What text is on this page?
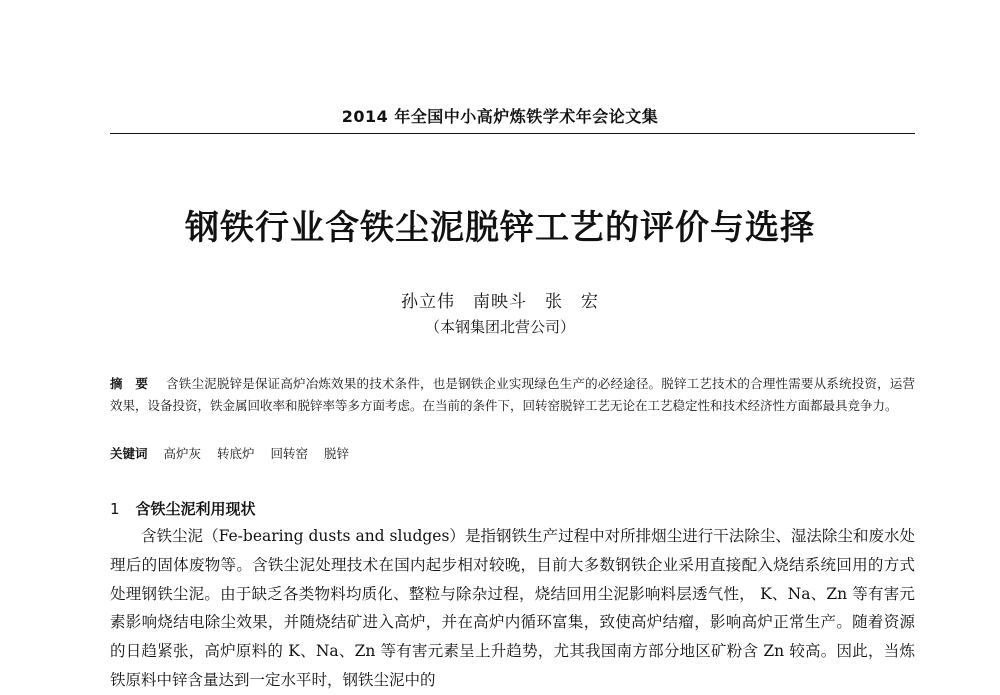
2014 年全国中小高炉炼铁学术年会论文集
钢铁行业含铁尘泥脱锌工艺的评价与选择
孙立伟　南映斗　张　宏
（本钢集团北营公司）
摘　要 含铁尘泥脱锌是保证高炉冶炼效果的技术条件，也是钢铁企业实现绿色生产的必经途径。脱锌工艺技术的合理性需要从系统投资，运营效果，设备投资，铁金属回收率和脱锌率等多方面考虑。在当前的条件下，回转窑脱锌工艺无论在工艺稳定性和技术经济性方面都最具竞争力。
关键词 高炉灰 转底炉 回转窑 脱锌
1 含铁尘泥利用现状
含铁尘泥（Fe-bearing dusts and sludges）是指钢铁生产过程中对所排烟尘进行干法除尘、湿法除尘和废水处理后的固体废物等。含铁尘泥处理技术在国内起步相对较晚，目前大多数钢铁企业采用直接配入烧结系统回用的方式处理钢铁尘泥。由于缺乏各类物料均质化、整粒与除杂过程，烧结回用尘泥影响料层透气性， K、Na、Zn 等有害元素影响烧结电除尘效果，并随烧结矿进入高炉，并在高炉内循环富集，致使高炉结瘤，影响高炉正常生产。随着资源的日趋紧张，高炉原料的 K、Na、Zn 等有害元素呈上升趋势，尤其我国南方部分地区矿粉含 Zn 较高。因此，当炼铁原料中锌含量达到一定水平时，钢铁尘泥中的
